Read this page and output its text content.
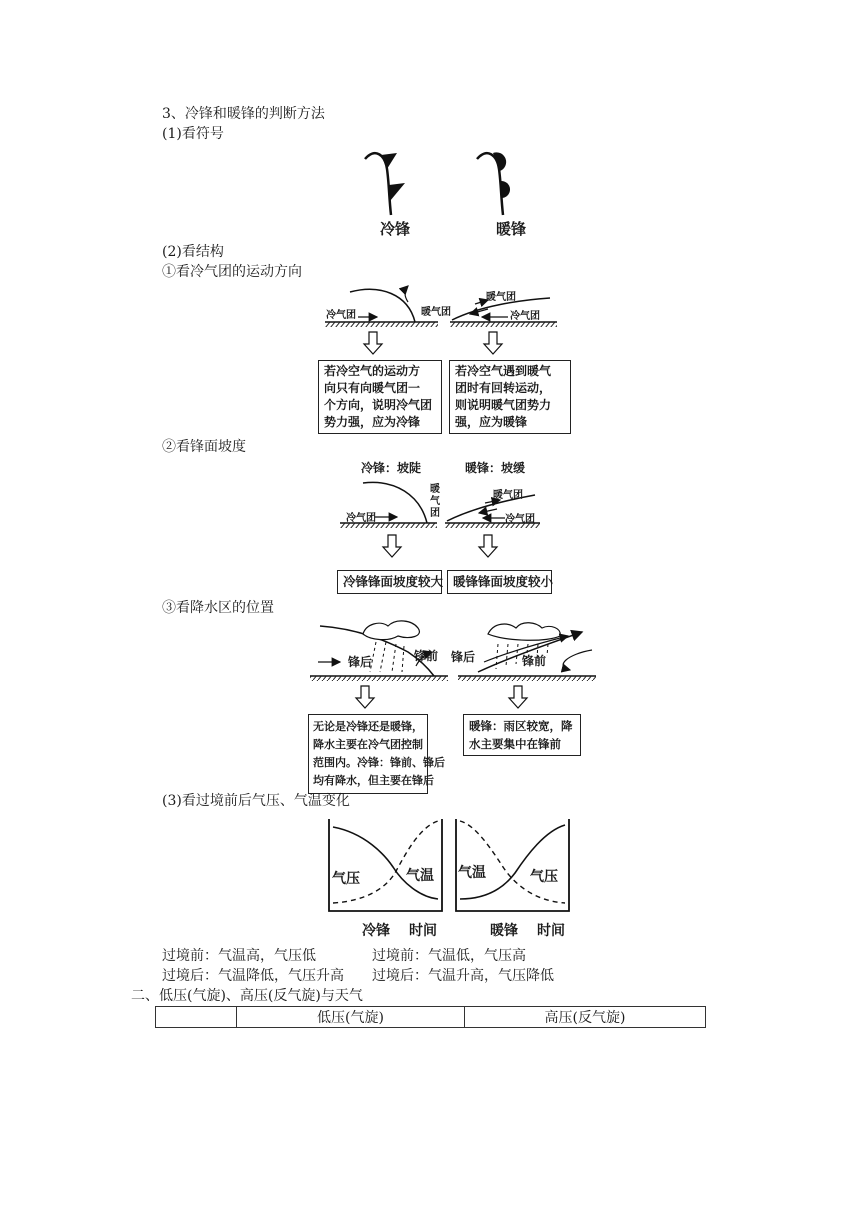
3、冷锋和暖锋的判断方法
(1)看符号
冷锋	暖锋
(2)看结构
①看冷气团的运动方向
冷气团	暖气团
暖气团
冷气团
若冷空气的运动方
向只有向暖气团一
个方向，说明冷气团
势力强，应为冷锋
若冷空气遇到暖气
团时有回转运动，
则说明暖气团势力
强，应为暖锋
②看锋面坡度
冷锋：坡陡	暖锋：坡缓
冷气团
暖
气
团
暖气团
冷气团
冷锋锋面坡度较大 暖锋锋面坡度较小
③看降水区的位置
锋后	锋前 锋后	锋前
无论是冷锋还是暖锋，
降水主要在冷气团控制
范围内。冷锋：锋前、锋后
均有降水，但主要在锋后
暖锋：雨区较宽，降
水主要集中在锋前
(3)看过境前后气压、气温变化
气压	气温 气温	气压
冷锋 时间	暖锋 时间
过境前：气温高，气压低	过境前：气温低，气压高
过境后：气温降低，气压升高 过境后：气温升高，气压降低
二、低压(气旋)、高压(反气旋)与天气
	低压(气旋)	高压(反气旋)
